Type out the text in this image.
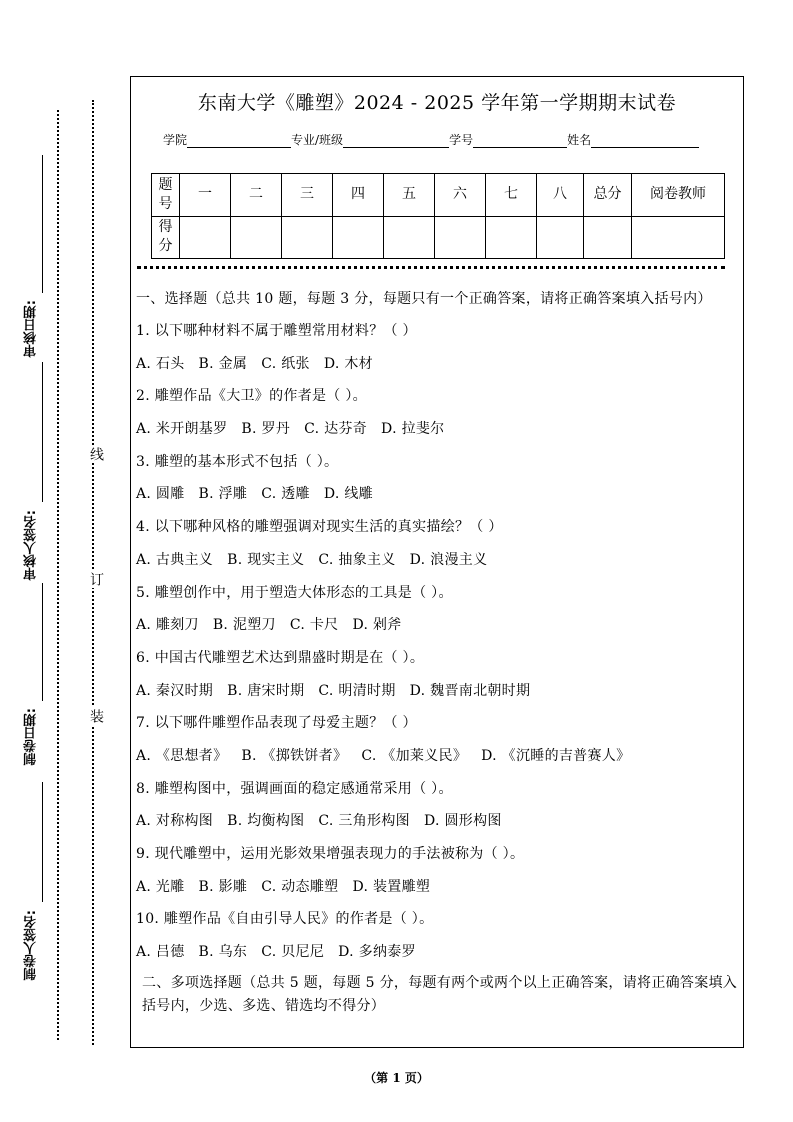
审核日期:
审核人签名:
制卷日期:
制卷人签名:
线
订
装
东南大学《雕塑》2024 - 2025 学年第一学期期末试卷
学院	专业/班级	学号	姓名
题号	一	二	三	四	五	六	七	八	总分	阅卷教师
得分										
一、选择题（总共 10 题，每题 3 分，每题只有一个正确答案，请将正确答案填入括号内）
1. 以下哪种材料不属于雕塑常用材料？（ ）
A. 石头 B. 金属 C. 纸张 D. 木材
2. 雕塑作品《大卫》的作者是（ ）。
A. 米开朗基罗 B. 罗丹 C. 达芬奇 D. 拉斐尔
3. 雕塑的基本形式不包括（ ）。
A. 圆雕 B. 浮雕 C. 透雕 D. 线雕
4. 以下哪种风格的雕塑强调对现实生活的真实描绘？（ ）
A. 古典主义 B. 现实主义 C. 抽象主义 D. 浪漫主义
5. 雕塑创作中，用于塑造大体形态的工具是（ ）。
A. 雕刻刀 B. 泥塑刀 C. 卡尺 D. 剁斧
6. 中国古代雕塑艺术达到鼎盛时期是在（ ）。
A. 秦汉时期 B. 唐宋时期 C. 明清时期 D. 魏晋南北朝时期
7. 以下哪件雕塑作品表现了母爱主题？（ ）
A. 《思想者》 B. 《掷铁饼者》 C. 《加莱义民》 D. 《沉睡的吉普赛人》
8. 雕塑构图中，强调画面的稳定感通常采用（ ）。
A. 对称构图 B. 均衡构图 C. 三角形构图 D. 圆形构图
9. 现代雕塑中，运用光影效果增强表现力的手法被称为（ ）。
A. 光雕 B. 影雕 C. 动态雕塑 D. 装置雕塑
10. 雕塑作品《自由引导人民》的作者是（ ）。
A. 吕德 B. 乌东 C. 贝尼尼 D. 多纳泰罗
二、多项选择题（总共 5 题，每题 5 分，每题有两个或两个以上正确答案，请将正确答案填入括号内，少选、多选、错选均不得分）
（第 1 页）
